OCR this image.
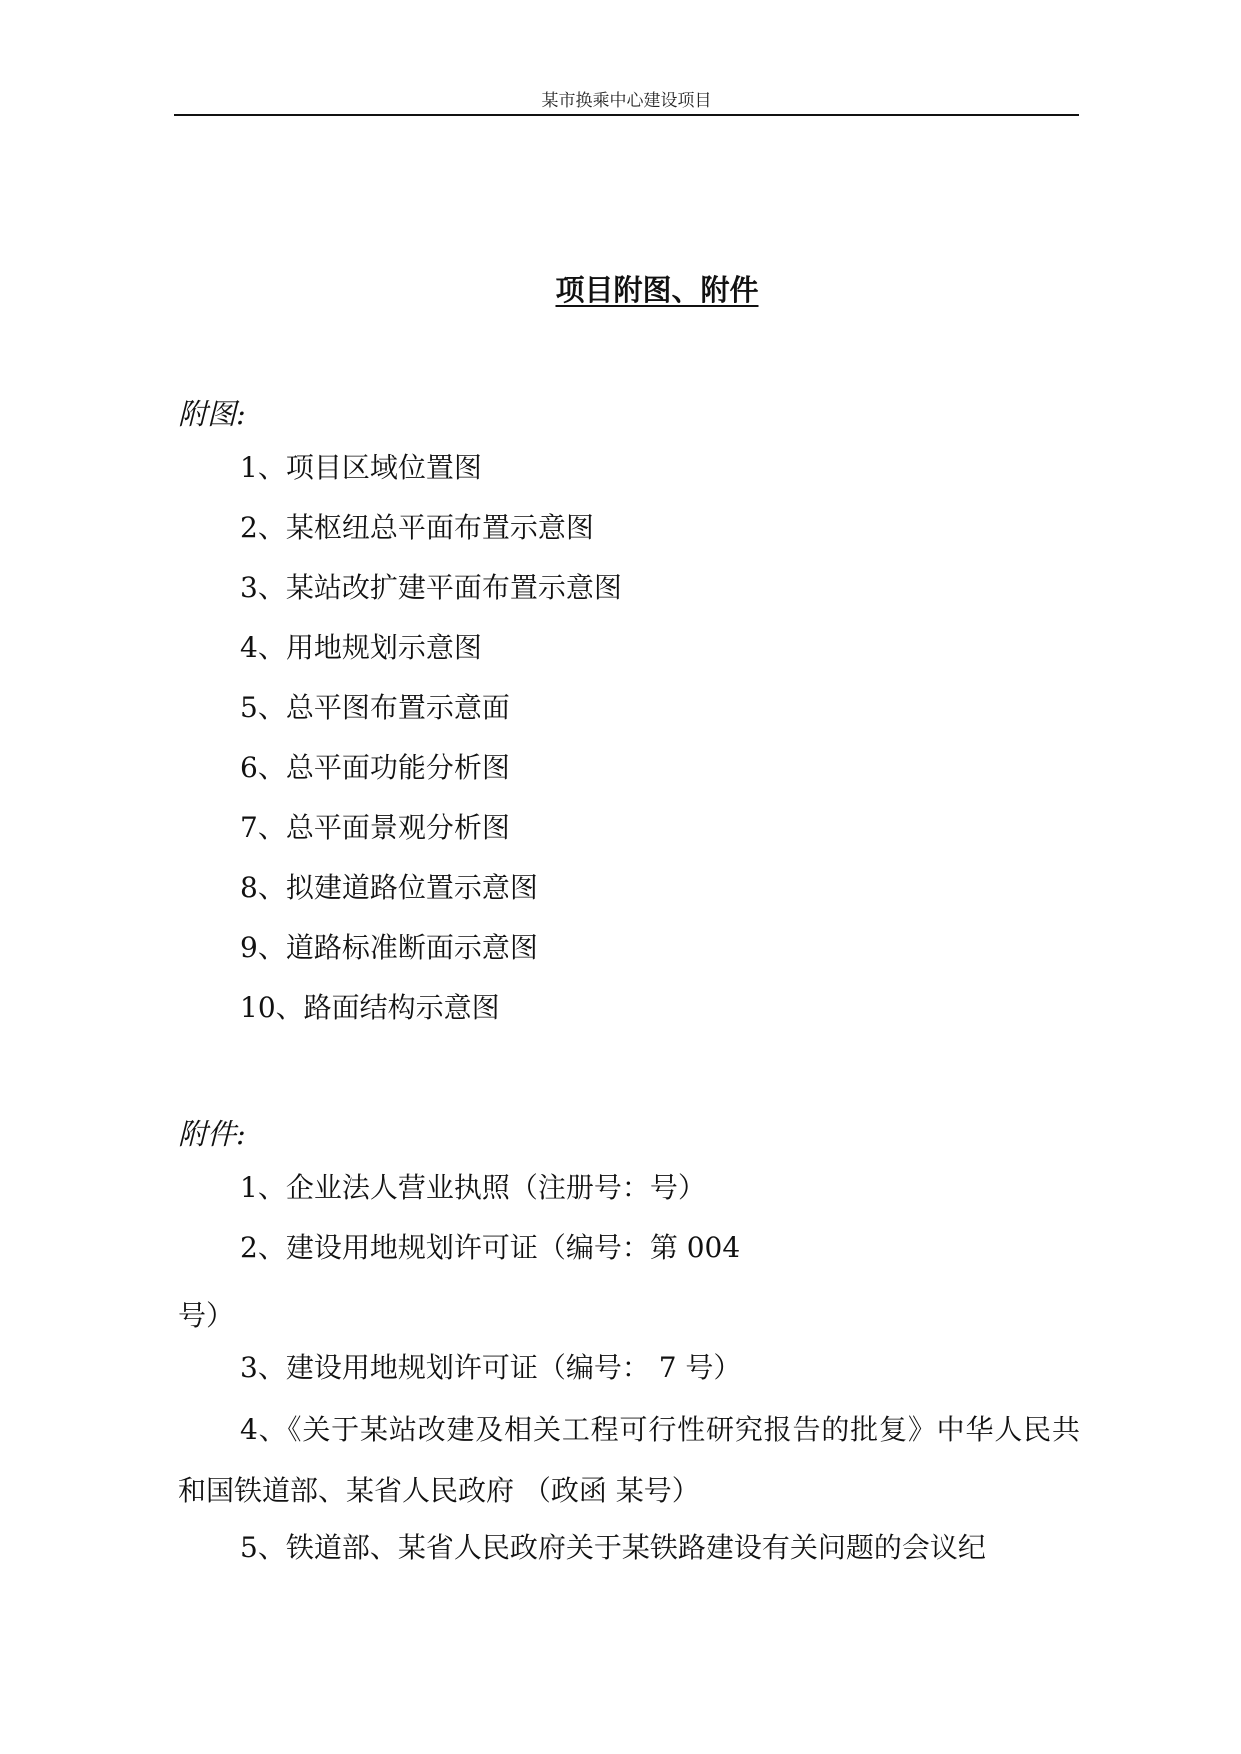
某市换乘中心建设项目
项目附图、附件
附图:
1、项目区域位置图
2、某枢纽总平面布置示意图
3、某站改扩建平面布置示意图
4、用地规划示意图
5、总平图布置示意面
6、总平面功能分析图
7、总平面景观分析图
8、拟建道路位置示意图
9、道路标准断面示意图
10、路面结构示意图
附件:
1、企业法人营业执照（注册号：号）
2、建设用地规划许可证（编号：第 004
号）
3、建设用地规划许可证（编号： 7 号）
4、《关于某站改建及相关工程可行性研究报告的批复》中华人民共和国铁道部、某省人民政府 （政函 某号）
5、铁道部、某省人民政府关于某铁路建设有关问题的会议纪
